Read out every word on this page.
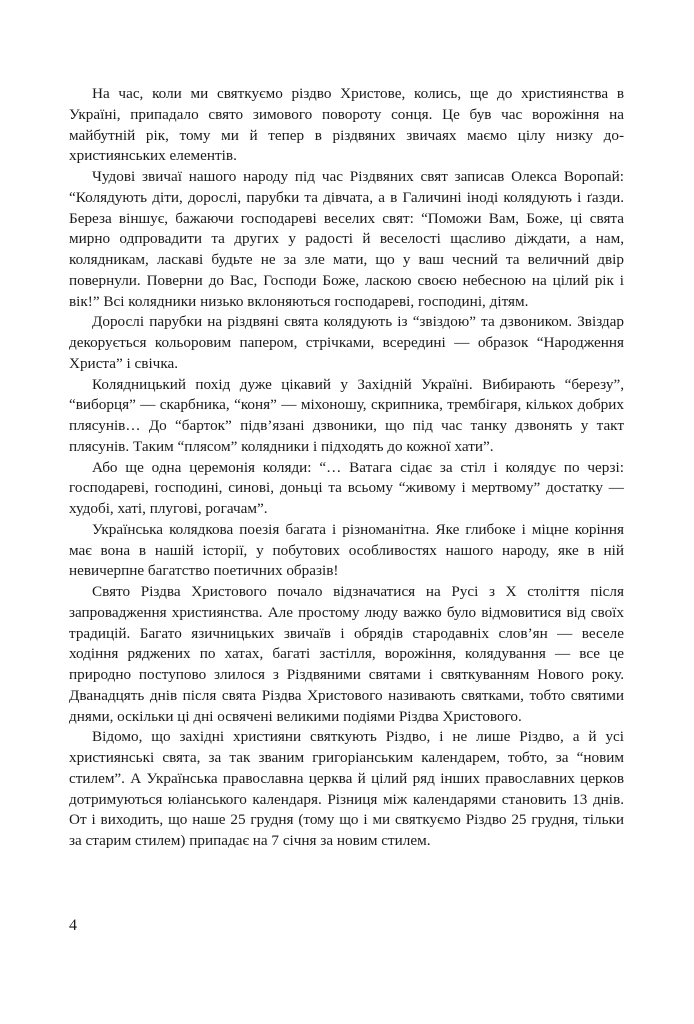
На час, коли ми святкуємо різдво Христове, колись, ще до християнства в Україні, припадало свято зимового повороту сонця. Це був час ворожіння на майбутній рік, тому ми й тепер в різдвяних звичаях маємо цілу низку дохристиянських елементів.

Чудові звичаї нашого народу під час Різдвяних свят записав Олекса Воропай: “Колядують діти, дорослі, парубки та дівчата, а в Галичині іноді колядують і ґазди. Береза віншує, бажаючи господареві веселих свят: “Поможи Вам, Боже, ці свята мирно одпровадити та других у радості й веселості щасливо діждати, а нам, колядникам, ласкаві будьте не за зле мати, що у ваш чесний та величний двір повернули. Поверни до Вас, Господи Боже, ласкою своєю небесною на цілий рік і вік!” Всі колядники низько вклоняються господареві, господині, дітям.

Дорослі парубки на різдвяні свята колядують із “звіздою” та дзвоником. Звіздар декорується кольоровим папером, стрічками, всередині — образок “Народження Христа” і свічка.

Колядницький похід дуже цікавий у Західній Україні. Вибирають “березу”, “виборця” — скарбника, “коня” — міхоношу, скрипника, трембігаря, кількох добрих плясунів… До “барток” підв’язані дзвоники, що під час танку дзвонять у такт плясунів. Таким “плясом” колядники і підходять до кожної хати”.

Або ще одна церемонія коляди: “… Ватага сідає за стіл і колядує по черзі: господареві, господині, синові, доньці та всьому “живому і мертвому” достатку — худобі, хаті, плугові, рогачам”.

Українська колядкова поезія багата і різноманітна. Яке глибоке і міцне коріння має вона в нашій історії, у побутових особливостях нашого народу, яке в ній невичерпне багатство поетичних образів!

Свято Різдва Христового почало відзначатися на Русі з Х століття після запровадження християнства. Але простому люду важко було відмовитися від своїх традицій. Багато язичницьких звичаїв і обрядів стародавніх слов’ян — веселе ходіння ряджених по хатах, багаті застілля, ворожіння, колядування — все це природно поступово злилося з Різдвяними святами і святкуванням Нового року. Дванадцять днів після свята Різдва Христового називають святками, тобто святими днями, оскільки ці дні освячені великими подіями Різдва Христового.

Відомо, що західні християни святкують Різдво, і не лише Різдво, а й усі християнські свята, за так званим григоріанським календарем, тобто, за “новим стилем”. А Українська православна церква й цілий ряд інших православних церков дотримуються юліанського календаря. Різниця між календарями становить 13 днів. От і виходить, що наше 25 грудня (тому що і ми святкуємо Різдво 25 грудня, тільки за старим стилем) припадає на 7 січня за новим стилем.

4
